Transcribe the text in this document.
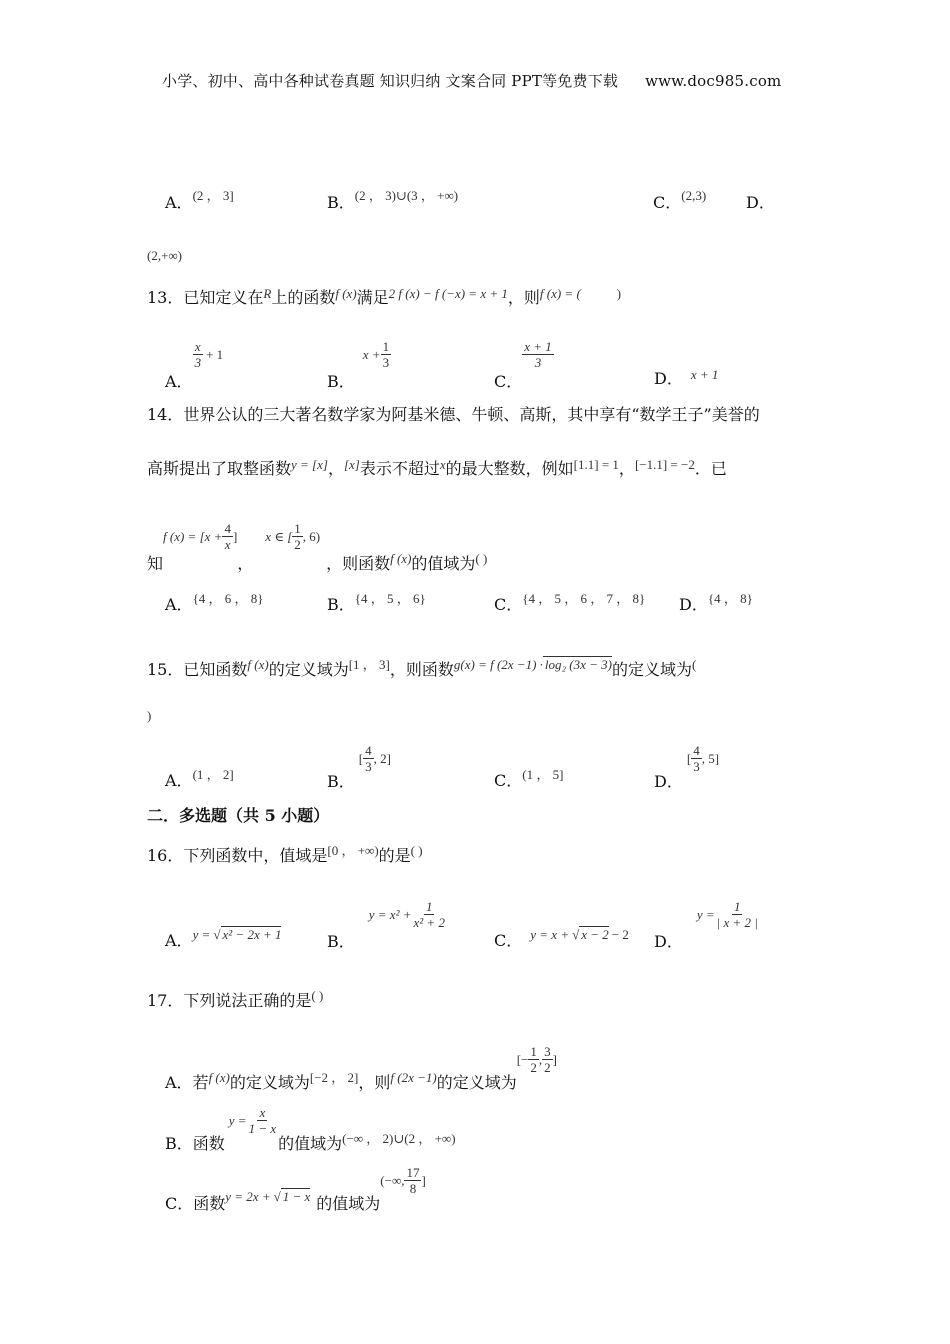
小学、初中、高中各种试卷真题 知识归纳 文案合同 PPT等免费下载 www.doc985.com
A．$^{(2 , 3]}$	B．$^{(2 , 3)\cup(3 , +\infty)}$	C．$^{(2,3)}$ D．
(2,+∞)
13．已知定义在$^R$上的函数$^{f (x)}$满足$^{2 f (x) - f (-x) = x + 1}$，则$^{f (x) = (}$	)
A．
$\frac{x}{3} + 1$
B．$x + \frac{1}{3}$
C．
$\frac{x + 1}{3}$
D． $^{x + 1}$
14．世界公认的三大著名数学家为阿基米德、牛顿、高斯，其中享有“数学王子”美誉的
高斯提出了取整函数$^{y = [x]}$，[x]表示不超过$^x$的最大整数，例如$^{[1.1] = 1}$，$^{[-1.1] = -2}$．已
知f $(x) = [x + \frac{4}{x}$ ]，x ∈ [ $\frac{1}{2}$ , 6)，则函数$_{f (x)}$的值域为$_{( )}$
A．$^{\{4 , 6 , 8\}}$	B．$^{\{4 , 5 , 6\}}$	C．$^{\{4 , 5 , 6 , 7 , 8\}}$ D．$^{\{4 , 8\}}$
15．已知函数$^{f (x)}$的定义域为[1 ， 3]，则函数$^{g(x) = f (2x -1) \cdot}$ $^{log_2 (3x - 3)}$的定义域为(
)
A．$^{(1 , 2]}$	B．[ $\frac{4}{3}$ , 2]
C．$^{(1 , 5]}$	D．[ $\frac{4}{3}$ , 5]
二．多选题（共 5 小题）
16．下列函数中，值域是$^{[0 , +\infty)}$的是( )
A．$^{y =}$ √ $^{x^2 - 2x + 1}$	B．$y = x^2 + \frac{1}{\text{x² + 2}}$
C． $^{y = x +}$ √ $^{x - 2}$ $^{- 2}$ D．$y = \frac{1}{| x + 2 |}$
17．下列说法正确的是( )
A．若$_{f (x)}$的定义域为$_{[-2 , 2]}$，则$_{f (2x -1)}$的定义域为[− $\frac{1}{2}$ , $\frac{3}{2}$ ]
B．函数$y = \frac{x}{1 - x}$
的值域为$_{(-\infty , 2)\cup(2 , +\infty)}$
C．函数$_{y = 2x +}$ $_√$ $_{1 - x}$ 的值域为(−∞, $\frac{17}{8}$ ]
